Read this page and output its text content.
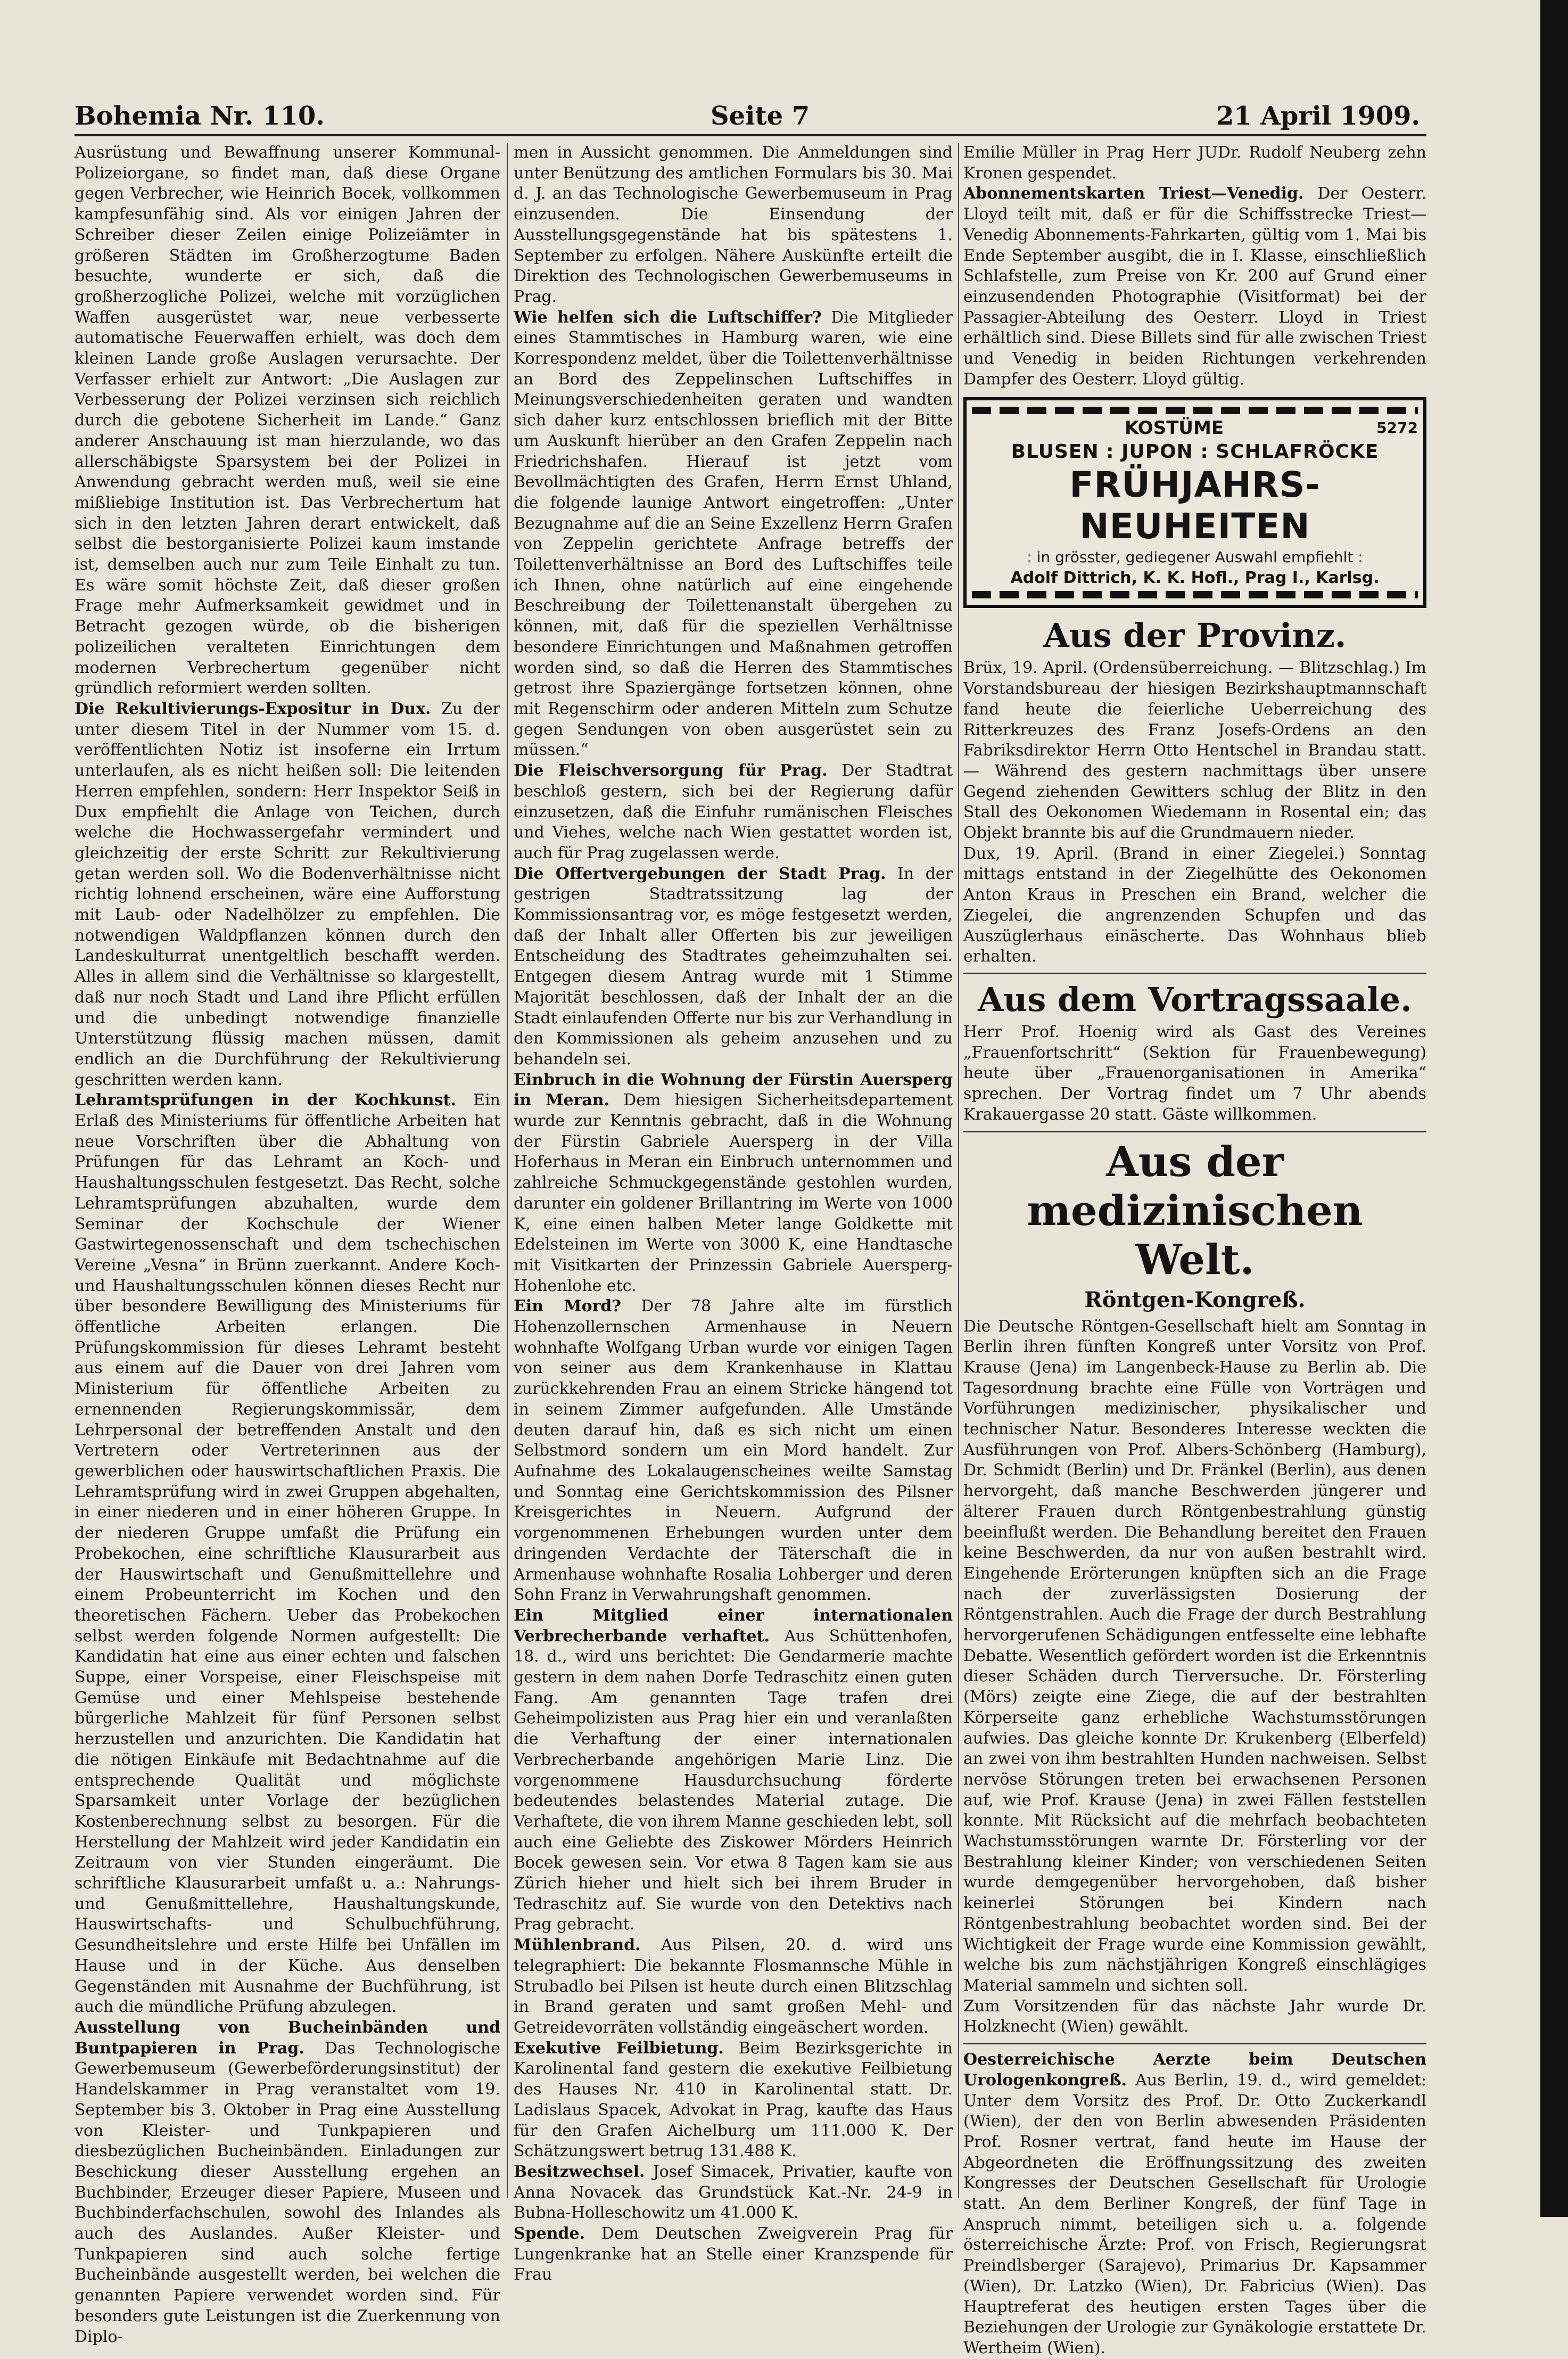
Bohemia Nr. 110.	Seite 7	21 April 1909.

Ausrüstung und Bewaffnung unserer Kommunal-Polizeiorgane, so findet man, daß diese Organe gegen Verbrecher, wie Heinrich Bocek, vollkommen kampfesunfähig sind. Als vor einigen Jahren der Schreiber dieser Zeilen einige Polizeiämter in größeren Städten im Großherzogtume Baden besuchte, wunderte er sich, daß die großherzogliche Polizei, welche mit vorzüglichen Waffen ausgerüstet war, neue verbesserte automatische Feuerwaffen erhielt, was doch dem kleinen Lande große Auslagen verursachte. Der Verfasser erhielt zur Antwort: „Die Auslagen zur Verbesserung der Polizei verzinsen sich reichlich durch die gebotene Sicherheit im Lande.“ Ganz anderer Anschauung ist man hierzulande, wo das allerschäbigste Sparsystem bei der Polizei in Anwendung gebracht werden muß, weil sie eine mißliebige Institution ist. Das Verbrechertum hat sich in den letzten Jahren derart entwickelt, daß selbst die bestorganisierte Polizei kaum imstande ist, demselben auch nur zum Teile Einhalt zu tun. Es wäre somit höchste Zeit, daß dieser großen Frage mehr Aufmerksamkeit gewidmet und in Betracht gezogen würde, ob die bisherigen polizeilichen veralteten Einrichtungen dem modernen Verbrechertum gegenüber nicht gründlich reformiert werden sollten.

Die Rekultivierungs-Expositur in Dux. Zu der unter diesem Titel in der Nummer vom 15. d. veröffentlichten Notiz ist insoferne ein Irrtum unterlaufen, als es nicht heißen soll: Die leitenden Herren empfehlen, sondern: Herr Inspektor Seiß in Dux empfiehlt die Anlage von Teichen, durch welche die Hochwassergefahr vermindert und gleichzeitig der erste Schritt zur Rekultivierung getan werden soll. Wo die Bodenverhältnisse nicht richtig lohnend erscheinen, wäre eine Aufforstung mit Laub- oder Nadelhölzer zu empfehlen. Die notwendigen Waldpflanzen können durch den Landeskulturrat unentgeltlich beschafft werden. Alles in allem sind die Verhältnisse so klargestellt, daß nur noch Stadt und Land ihre Pflicht erfüllen und die unbedingt notwendige finanzielle Unterstützung flüssig machen müssen, damit endlich an die Durchführung der Rekultivierung geschritten werden kann.

Lehramtsprüfungen in der Kochkunst. Ein Erlaß des Ministeriums für öffentliche Arbeiten hat neue Vorschriften über die Abhaltung von Prüfungen für das Lehramt an Koch- und Haushaltungsschulen festgesetzt. Das Recht, solche Lehramtsprüfungen abzuhalten, wurde dem Seminar der Kochschule der Wiener Gastwirtegenossenschaft und dem tschechischen Vereine „Vesna“ in Brünn zuerkannt. Andere Koch- und Haushaltungsschulen können dieses Recht nur über besondere Bewilligung des Ministeriums für öffentliche Arbeiten erlangen. Die Prüfungskommission für dieses Lehramt besteht aus einem auf die Dauer von drei Jahren vom Ministerium für öffentliche Arbeiten zu ernennenden Regierungskommissär, dem Lehrpersonal der betreffenden Anstalt und den Vertretern oder Vertreterinnen aus der gewerblichen oder hauswirtschaftlichen Praxis. Die Lehramtsprüfung wird in zwei Gruppen abgehalten, in einer niederen und in einer höheren Gruppe. In der niederen Gruppe umfaßt die Prüfung ein Probekochen, eine schriftliche Klausurarbeit aus der Hauswirtschaft und Genußmittellehre und einem Probeunterricht im Kochen und den theoretischen Fächern. Ueber das Probekochen selbst werden folgende Normen aufgestellt: Die Kandidatin hat eine aus einer echten und falschen Suppe, einer Vorspeise, einer Fleischspeise mit Gemüse und einer Mehlspeise bestehende bürgerliche Mahlzeit für fünf Personen selbst herzustellen und anzurichten. Die Kandidatin hat die nötigen Einkäufe mit Bedachtnahme auf die entsprechende Qualität und möglichste Sparsamkeit unter Vorlage der bezüglichen Kostenberechnung selbst zu besorgen. Für die Herstellung der Mahlzeit wird jeder Kandidatin ein Zeitraum von vier Stunden eingeräumt. Die schriftliche Klausurarbeit umfaßt u. a.: Nahrungs- und Genußmittellehre, Haushaltungskunde, Hauswirtschafts- und Schulbuchführung, Gesundheitslehre und erste Hilfe bei Unfällen im Hause und in der Küche. Aus denselben Gegenständen mit Ausnahme der Buchführung, ist auch die mündliche Prüfung abzulegen.

Ausstellung von Bucheinbänden und Buntpapieren in Prag. Das Technologische Gewerbemuseum (Gewerbeförderungsinstitut) der Handelskammer in Prag veranstaltet vom 19. September bis 3. Oktober in Prag eine Ausstellung von Kleister- und Tunkpapieren und diesbezüglichen Bucheinbänden. Einladungen zur Beschickung dieser Ausstellung ergehen an Buchbinder, Erzeuger dieser Papiere, Museen und Buchbinderfachschulen, sowohl des Inlandes als auch des Auslandes. Außer Kleister- und Tunkpapieren sind auch solche fertige Bucheinbände ausgestellt werden, bei welchen die genannten Papiere verwendet worden sind. Für besonders gute Leistungen ist die Zuerkennung von Diplo-

men in Aussicht genommen. Die Anmeldungen sind unter Benützung des amtlichen Formulars bis 30. Mai d. J. an das Technologische Gewerbemuseum in Prag einzusenden. Die Einsendung der Ausstellungsgegenstände hat bis spätestens 1. September zu erfolgen. Nähere Auskünfte erteilt die Direktion des Technologischen Gewerbemuseums in Prag.

Wie helfen sich die Luftschiffer? Die Mitglieder eines Stammtisches in Hamburg waren, wie eine Korrespondenz meldet, über die Toilettenverhältnisse an Bord des Zeppelinschen Luftschiffes in Meinungsverschiedenheiten geraten und wandten sich daher kurz entschlossen brieflich mit der Bitte um Auskunft hierüber an den Grafen Zeppelin nach Friedrichshafen. Hierauf ist jetzt vom Bevollmächtigten des Grafen, Herrn Ernst Uhland, die folgende launige Antwort eingetroffen: „Unter Bezugnahme auf die an Seine Exzellenz Herrn Grafen von Zeppelin gerichtete Anfrage betreffs der Toilettenverhältnisse an Bord des Luftschiffes teile ich Ihnen, ohne natürlich auf eine eingehende Beschreibung der Toilettenanstalt übergehen zu können, mit, daß für die speziellen Verhältnisse besondere Einrichtungen und Maßnahmen getroffen worden sind, so daß die Herren des Stammtisches getrost ihre Spaziergänge fortsetzen können, ohne mit Regenschirm oder anderen Mitteln zum Schutze gegen Sendungen von oben ausgerüstet sein zu müssen.“

Die Fleischversorgung für Prag. Der Stadtrat beschloß gestern, sich bei der Regierung dafür einzusetzen, daß die Einfuhr rumänischen Fleisches und Viehes, welche nach Wien gestattet worden ist, auch für Prag zugelassen werde.

Die Offertvergebungen der Stadt Prag. In der gestrigen Stadtratssitzung lag der Kommissionsantrag vor, es möge festgesetzt werden, daß der Inhalt aller Offerten bis zur jeweiligen Entscheidung des Stadtrates geheimzuhalten sei. Entgegen diesem Antrag wurde mit 1 Stimme Majorität beschlossen, daß der Inhalt der an die Stadt einlaufenden Offerte nur bis zur Verhandlung in den Kommissionen als geheim anzusehen und zu behandeln sei.

Einbruch in die Wohnung der Fürstin Auersperg in Meran. Dem hiesigen Sicherheitsdepartement wurde zur Kenntnis gebracht, daß in die Wohnung der Fürstin Gabriele Auersperg in der Villa Hoferhaus in Meran ein Einbruch unternommen und zahlreiche Schmuckgegenstände gestohlen wurden, darunter ein goldener Brillantring im Werte von 1000 K, eine einen halben Meter lange Goldkette mit Edelsteinen im Werte von 3000 K, eine Handtasche mit Visitkarten der Prinzessin Gabriele Auersperg-Hohenlohe etc.

Ein Mord? Der 78 Jahre alte im fürstlich Hohenzollernschen Armenhause in Neuern wohnhafte Wolfgang Urban wurde vor einigen Tagen von seiner aus dem Krankenhause in Klattau zurückkehrenden Frau an einem Stricke hängend tot in seinem Zimmer aufgefunden. Alle Umstände deuten darauf hin, daß es sich nicht um einen Selbstmord sondern um ein Mord handelt. Zur Aufnahme des Lokalaugenscheines weilte Samstag und Sonntag eine Gerichtskommission des Pilsner Kreisgerichtes in Neuern. Aufgrund der vorgenommenen Erhebungen wurden unter dem dringenden Verdachte der Täterschaft die in Armenhause wohnhafte Rosalia Lohberger und deren Sohn Franz in Verwahrungshaft genommen.

Ein Mitglied einer internationalen Verbrecherbande verhaftet. Aus Schüttenhofen, 18. d., wird uns berichtet: Die Gendarmerie machte gestern in dem nahen Dorfe Tedraschitz einen guten Fang. Am genannten Tage trafen drei Geheimpolizisten aus Prag hier ein und veranlaßten die Verhaftung der einer internationalen Verbrecherbande angehörigen Marie Linz. Die vorgenommene Hausdurchsuchung förderte bedeutendes belastendes Material zutage. Die Verhaftete, die von ihrem Manne geschieden lebt, soll auch eine Geliebte des Ziskower Mörders Heinrich Bocek gewesen sein. Vor etwa 8 Tagen kam sie aus Zürich hieher und hielt sich bei ihrem Bruder in Tedraschitz auf. Sie wurde von den Detektivs nach Prag gebracht.

Mühlenbrand. Aus Pilsen, 20. d. wird uns telegraphiert: Die bekannte Flosmannsche Mühle in Strubadlo bei Pilsen ist heute durch einen Blitzschlag in Brand geraten und samt großen Mehl- und Getreidevorräten vollständig eingeäschert worden.

Exekutive Feilbietung. Beim Bezirksgerichte in Karolinental fand gestern die exekutive Feilbietung des Hauses Nr. 410 in Karolinental statt. Dr. Ladislaus Spacek, Advokat in Prag, kaufte das Haus für den Grafen Aichelburg um 111.000 K. Der Schätzungswert betrug 131.488 K.

Besitzwechsel. Josef Simacek, Privatier, kaufte von Anna Novacek das Grundstück Kat.-Nr. 24-9 in Bubna-Holleschowitz um 41.000 K.

Spende. Dem Deutschen Zweigverein Prag für Lungenkranke hat an Stelle einer Kranzspende für Frau

Emilie Müller in Prag Herr JUDr. Rudolf Neuberg zehn Kronen gespendet.

Abonnementskarten Triest—Venedig. Der Oesterr. Lloyd teilt mit, daß er für die Schiffsstrecke Triest—Venedig Abonnements-Fahrkarten, gültig vom 1. Mai bis Ende September ausgibt, die in I. Klasse, einschließlich Schlafstelle, zum Preise von Kr. 200 auf Grund einer einzusendenden Photographie (Visitformat) bei der Passagier-Abteilung des Oesterr. Lloyd in Triest erhältlich sind. Diese Billets sind für alle zwischen Triest und Venedig in beiden Richtungen verkehrenden Dampfer des Oesterr. Lloyd gültig.

KOSTÜME	5272
BLUSEN : JUPON : SCHLAFRÖCKE
FRÜHJAHRS-NEUHEITEN
: in grösster, gediegener Auswahl empfiehlt :
Adolf Dittrich, K. K. Hofl., Prag I., Karlsg.
Aus der Provinz.

Brüx, 19. April. (Ordensüberreichung. — Blitzschlag.) Im Vorstandsbureau der hiesigen Bezirkshauptmannschaft fand heute die feierliche Ueberreichung des Ritterkreuzes des Franz Josefs-Ordens an den Fabriksdirektor Herrn Otto Hentschel in Brandau statt. — Während des gestern nachmittags über unsere Gegend ziehenden Gewitters schlug der Blitz in den Stall des Oekonomen Wiedemann in Rosental ein; das Objekt brannte bis auf die Grundmauern nieder.

Dux, 19. April. (Brand in einer Ziegelei.) Sonntag mittags entstand in der Ziegelhütte des Oekonomen Anton Kraus in Preschen ein Brand, welcher die Ziegelei, die angrenzenden Schupfen und das Auszüglerhaus einäscherte. Das Wohnhaus blieb erhalten.

Aus dem Vortragssaale.

Herr Prof. Hoenig wird als Gast des Vereines „Frauenfortschritt“ (Sektion für Frauenbewegung) heute über „Frauenorganisationen in Amerika“ sprechen. Der Vortrag findet um 7 Uhr abends Krakauergasse 20 statt. Gäste willkommen.

Aus der medizinischen Welt.
Röntgen-Kongreß.

Die Deutsche Röntgen-Gesellschaft hielt am Sonntag in Berlin ihren fünften Kongreß unter Vorsitz von Prof. Krause (Jena) im Langenbeck-Hause zu Berlin ab. Die Tagesordnung brachte eine Fülle von Vorträgen und Vorführungen medizinischer, physikalischer und technischer Natur. Besonderes Interesse weckten die Ausführungen von Prof. Albers-Schönberg (Hamburg), Dr. Schmidt (Berlin) und Dr. Fränkel (Berlin), aus denen hervorgeht, daß manche Beschwerden jüngerer und älterer Frauen durch Röntgenbestrahlung günstig beeinflußt werden. Die Behandlung bereitet den Frauen keine Beschwerden, da nur von außen bestrahlt wird. Eingehende Erörterungen knüpften sich an die Frage nach der zuverlässigsten Dosierung der Röntgenstrahlen. Auch die Frage der durch Bestrahlung hervorgerufenen Schädigungen entfesselte eine lebhafte Debatte. Wesentlich gefördert worden ist die Erkenntnis dieser Schäden durch Tierversuche. Dr. Försterling (Mörs) zeigte eine Ziege, die auf der bestrahlten Körperseite ganz erhebliche Wachstumsstörungen aufwies. Das gleiche konnte Dr. Krukenberg (Elberfeld) an zwei von ihm bestrahlten Hunden nachweisen. Selbst nervöse Störungen treten bei erwachsenen Personen auf, wie Prof. Krause (Jena) in zwei Fällen feststellen konnte. Mit Rücksicht auf die mehrfach beobachteten Wachstumsstörungen warnte Dr. Försterling vor der Bestrahlung kleiner Kinder; von verschiedenen Seiten wurde demgegenüber hervorgehoben, daß bisher keinerlei Störungen bei Kindern nach Röntgenbestrahlung beobachtet worden sind. Bei der Wichtigkeit der Frage wurde eine Kommission gewählt, welche bis zum nächstjährigen Kongreß einschlägiges Material sammeln und sichten soll.

Zum Vorsitzenden für das nächste Jahr wurde Dr. Holzknecht (Wien) gewählt.

Oesterreichische Aerzte beim Deutschen Urologenkongreß. Aus Berlin, 19. d., wird gemeldet: Unter dem Vorsitz des Prof. Dr. Otto Zuckerkandl (Wien), der den von Berlin abwesenden Präsidenten Prof. Rosner vertrat, fand heute im Hause der Abgeordneten die Eröffnungssitzung des zweiten Kongresses der Deutschen Gesellschaft für Urologie statt. An dem Berliner Kongreß, der fünf Tage in Anspruch nimmt, beteiligen sich u. a. folgende österreichische Ärzte: Prof. von Frisch, Regierungsrat Preindlsberger (Sarajevo), Primarius Dr. Kapsammer (Wien), Dr. Latzko (Wien), Dr. Fabricius (Wien). Das Hauptreferat des heutigen ersten Tages über die Beziehungen der Urologie zur Gynäkologie erstattete Dr. Wertheim (Wien).
